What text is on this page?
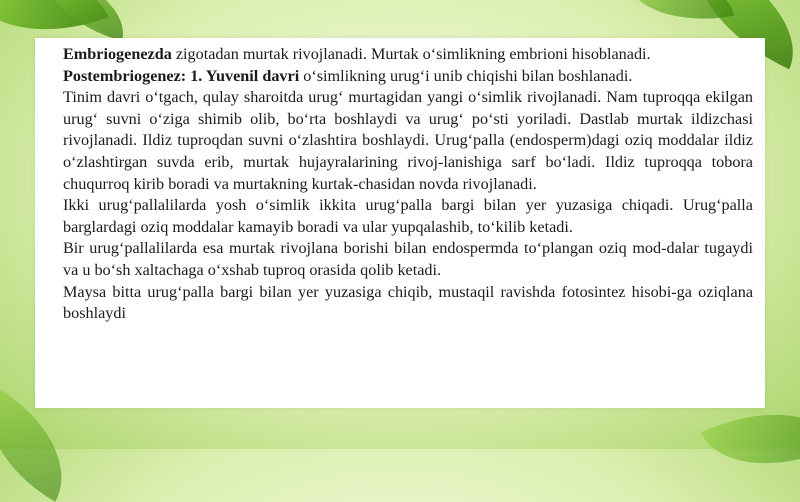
Embriogenezda zigotadan murtak rivojlanadi. Murtak o‘simlikning embrioni hisoblanadi.

Postembriogenez: 1. Yuvenil davri o‘simlikning urug‘i unib chiqishi bilan boshlanadi.

Tinim davri o‘tgach, qulay sharoitda urug‘ murtagidan yangi o‘simlik rivojlanadi. Nam tuproqqa ekilgan urug‘ suvni o‘ziga shimib olib, bo‘rta boshlaydi va urug‘ po‘sti yoriladi. Dastlab murtak ildizchasi rivojlanadi. Ildiz tuproqdan suvni o‘zlashtira boshlaydi. Urug‘palla (endosperm)dagi oziq moddalar ildiz o‘zlashtirgan suvda erib, murtak hujayralarining rivoj-lanishiga sarf bo‘ladi. Ildiz tuproqqa tobora chuqurroq kirib boradi va murtakning kurtak-chasidan novda rivojlanadi.

Ikki urug‘pallalilarda yosh o‘simlik ikkita urug‘palla bargi bilan yer yuzasiga chiqadi. Urug‘palla barglardagi oziq moddalar kamayib boradi va ular yupqalashib, to‘kilib ketadi.

Bir urug‘pallalilarda esa murtak rivojlana borishi bilan endospermda to‘plangan oziq mod-dalar tugaydi va u bo‘sh xaltachaga o‘xshab tuproq orasida qolib ketadi.

Maysa bitta urug‘palla bargi bilan yer yuzasiga chiqib, mustaqil ravishda fotosintez hisobi-ga oziqlana boshlaydi
